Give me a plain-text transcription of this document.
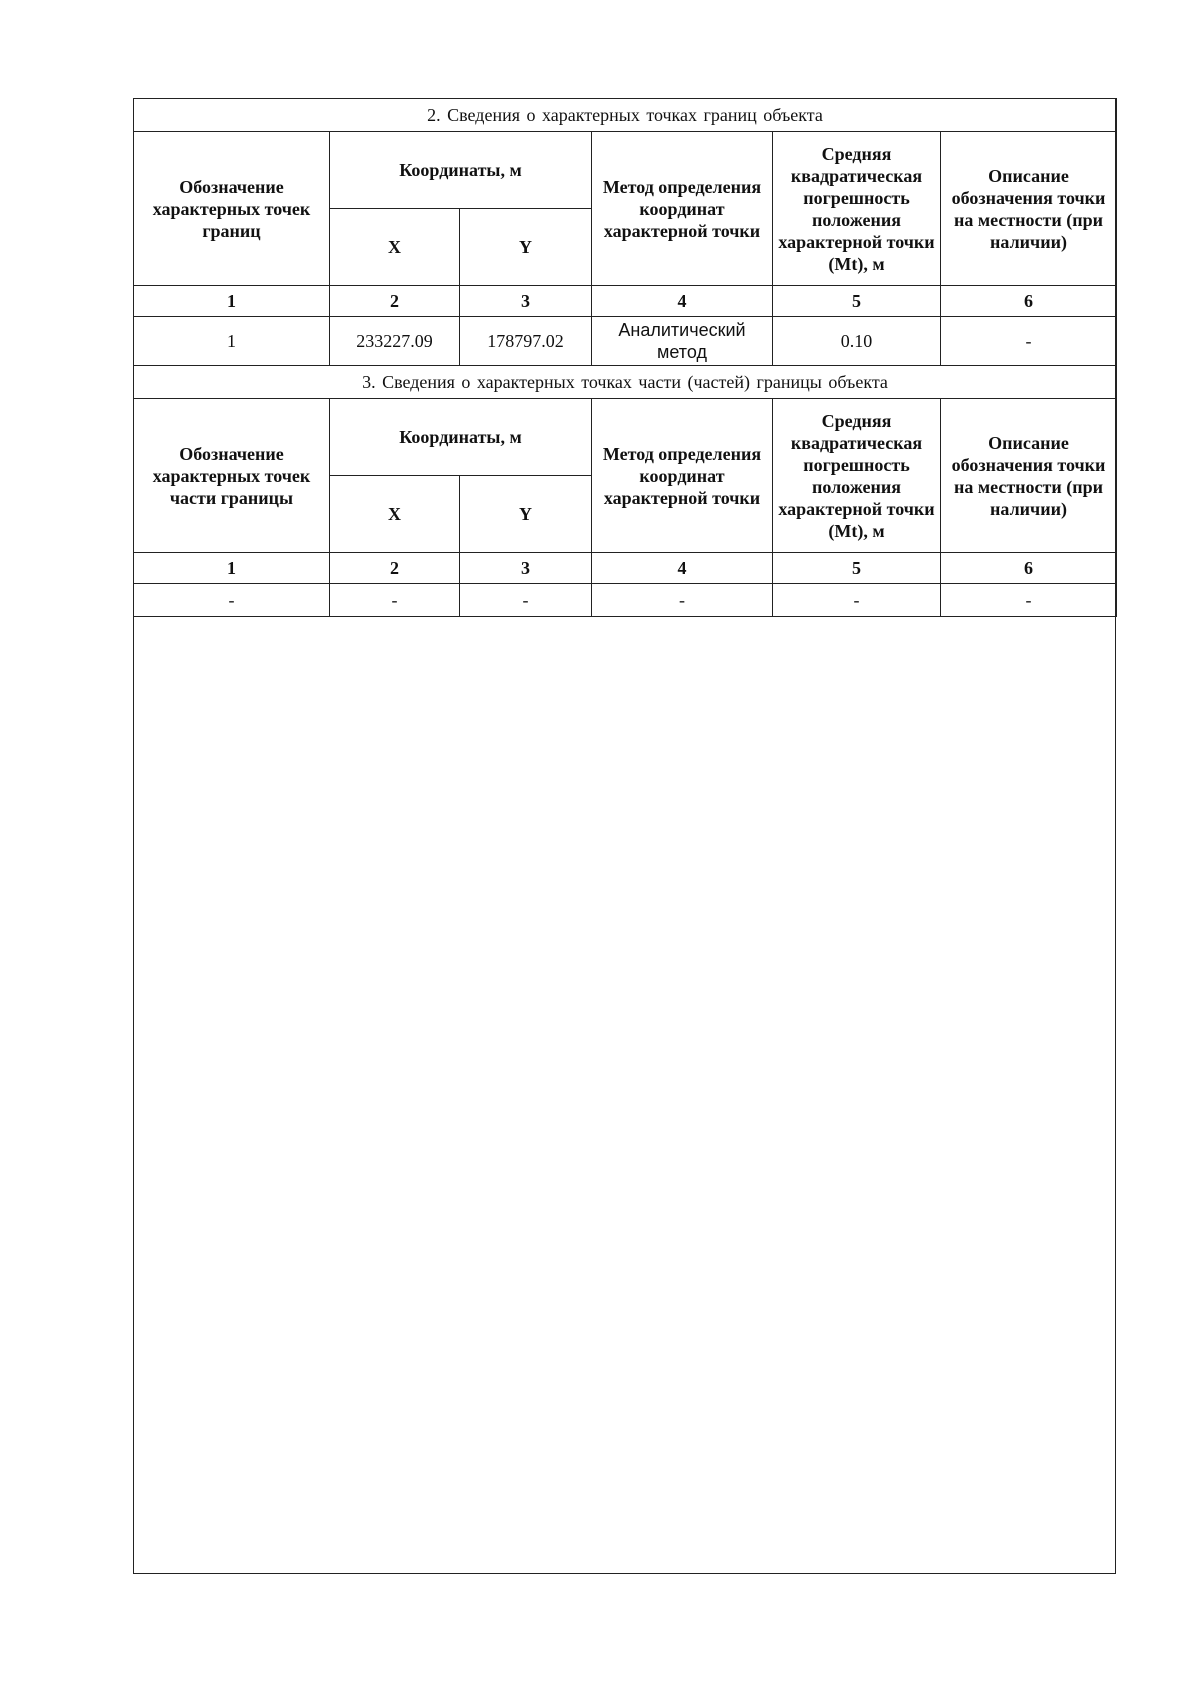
2. Сведения о характерных точках границ объекта					
Обозначение характерных точек границ	Координаты, м		Метод определения координат характерной точки	Средняя квадратическая погрешность положения характерной точки (Mt), м	Описание обозначения точки на местности (при наличии)
	X	Y			
1	2	3	4	5	6
1	233227.09	178797.02	Аналитический метод	0.10	-
3. Сведения о характерных точках части (частей) границы объекта					
Обозначение характерных точек части границы	Координаты, м		Метод определения координат характерной точки	Средняя квадратическая погрешность положения характерной точки (Mt), м	Описание обозначения точки на местности (при наличии)
	X	Y			
1	2	3	4	5	6
-	-	-	-	-	-
